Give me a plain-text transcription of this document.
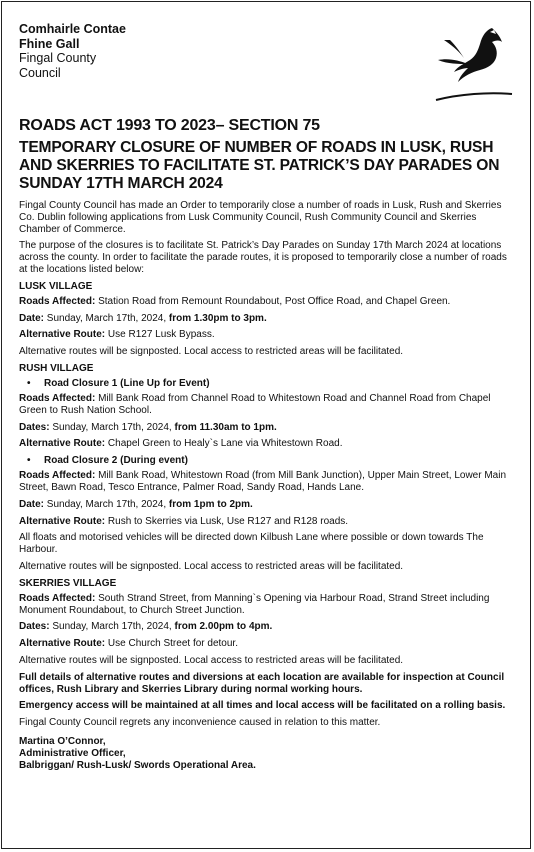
Comhairle Contae
Fhine Gall
Fingal County
Council
ROADS ACT 1993 TO 2023– SECTION 75
TEMPORARY CLOSURE OF NUMBER OF ROADS IN LUSK, RUSH AND SKERRIES TO FACILITATE ST. PATRICK’S DAY PARADES ON SUNDAY 17TH MARCH 2024

Fingal County Council has made an Order to temporarily close a number of roads in Lusk, Rush and Skerries Co. Dublin following applications from Lusk Community Council, Rush Community Council and Skerries Chamber of Commerce.

The purpose of the closures is to facilitate St. Patrick’s Day Parades on Sunday 17th March 2024 at locations across the county. In order to facilitate the parade routes, it is proposed to temporarily close a number of roads at the locations listed below:

LUSK VILLAGE

Roads Affected: Station Road from Remount Roundabout, Post Office Road, and Chapel Green.

Date: Sunday, March 17th, 2024, from 1.30pm to 3pm.

Alternative Route: Use R127 Lusk Bypass.

Alternative routes will be signposted. Local access to restricted areas will be facilitated.

RUSH VILLAGE
• Road Closure 1 (Line Up for Event)

Roads Affected: Mill Bank Road from Channel Road to Whitestown Road and Channel Road from Chapel Green to Rush Nation School.

Dates: Sunday, March 17th, 2024, from 11.30am to 1pm.

Alternative Route: Chapel Green to Healy`s Lane via Whitestown Road.

• Road Closure 2 (During event)

Roads Affected: Mill Bank Road, Whitestown Road (from Mill Bank Junction), Upper Main Street, Lower Main Street, Bawn Road, Tesco Entrance, Palmer Road, Sandy Road, Hands Lane.

Date: Sunday, March 17th, 2024, from 1pm to 2pm.

Alternative Route: Rush to Skerries via Lusk, Use R127 and R128 roads.

All floats and motorised vehicles will be directed down Kilbush Lane where possible or down towards The Harbour.

Alternative routes will be signposted. Local access to restricted areas will be facilitated.

SKERRIES VILLAGE

Roads Affected: South Strand Street, from Manning`s Opening via Harbour Road, Strand Street including Monument Roundabout, to Church Street Junction.

Dates: Sunday, March 17th, 2024, from 2.00pm to 4pm.

Alternative Route: Use Church Street for detour.

Alternative routes will be signposted. Local access to restricted areas will be facilitated.

Full details of alternative routes and diversions at each location are available for inspection at Council offices, Rush Library and Skerries Library during normal working hours.

Emergency access will be maintained at all times and local access will be facilitated on a rolling basis.

Fingal County Council regrets any inconvenience caused in relation to this matter.

Martina O’Connor,

Administrative Officer,

Balbriggan/ Rush-Lusk/ Swords Operational Area.
